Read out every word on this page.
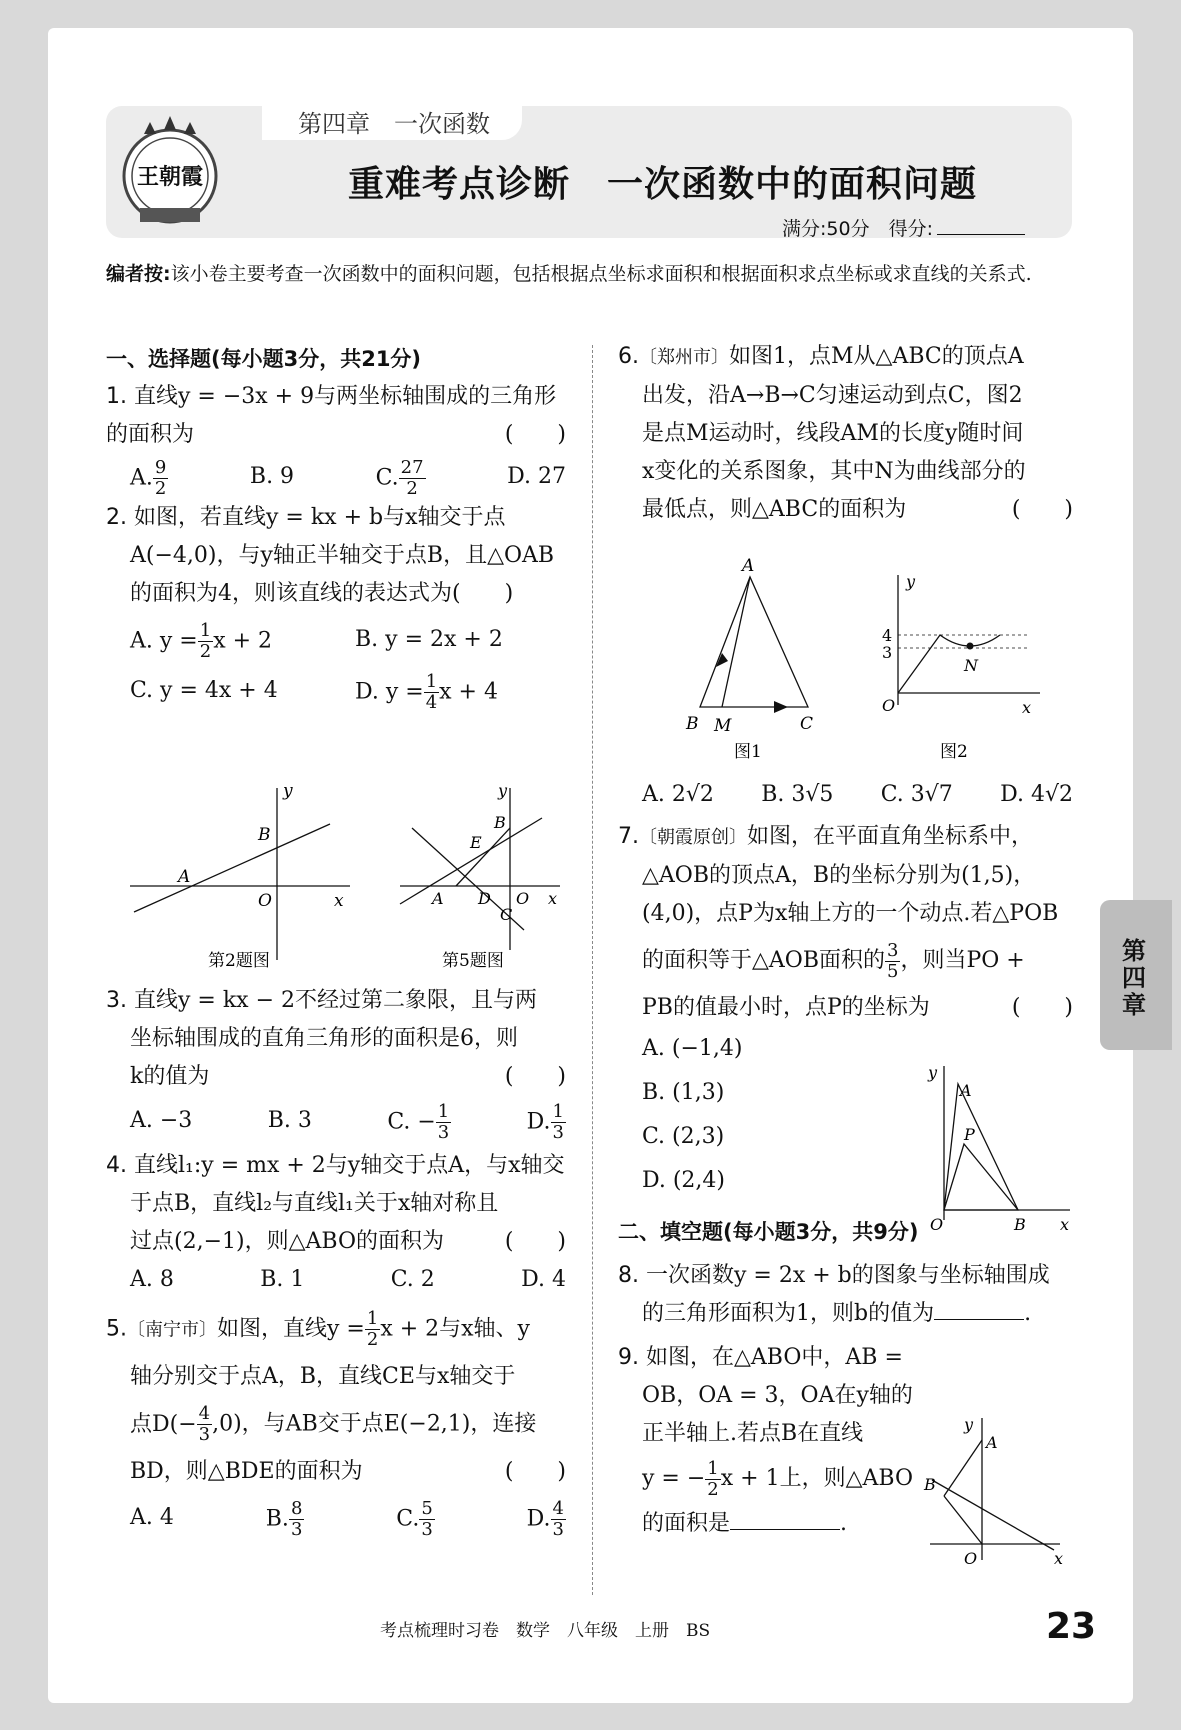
王朝霞
第四章　一次函数
重难考点诊断　一次函数中的面积问题
满分:50分　得分:
编者按:该小卷主要考查一次函数中的面积问题，包括根据点坐标求面积和根据面积求点坐标或求直线的关系式.
一、选择题(每小题3分，共21分)
1. 直线y = −3x + 9与两坐标轴围成的三角形的面积为	(　　)
A. $\frac{9}{2}$	B. 9	C. $\frac{27}{2}$	D. 27
2. 如图，若直线y = kx + b与x轴交于点
A(−4,0)，与y轴正半轴交于点B，且△OAB
的面积为4，则该直线的表达式为(　　)
A. $y = \frac{1}{2}$ x + 2	B. y = 2x + 2
C. y = 4x + 4	D. $y = \frac{1}{4}$ x + 4
y
x
O
A
B
第2题图
y
x
O
A
B
C
D
E
第5题图
3. 直线y = kx − 2不经过第二象限，且与两
坐标轴围成的直角三角形的面积是6，则
k的值为	(　　)
A. −3	B. 3	C. − $\frac{1}{3}$	D. $\frac{1}{3}$
4. 直线l₁:y = mx + 2与y轴交于点A，与x轴交
于点B，直线l₂与直线l₁关于x轴对称且
过点(2,−1)，则△ABO的面积为	(　　)
A. 8	B. 1	C. 2	D. 4
5.〔南宁市〕如图，直线$y = \frac{1}{2}$ x + 2与x轴、y
轴分别交于点A，B，直线CE与x轴交于
点$D(- \frac{4}{3} ,0)$，与AB交于点E(−2,1)，连接
BD，则△BDE的面积为	(　　)
A. 4	B. $\frac{8}{3}$	C. $\frac{5}{3}$	D. $\frac{4}{3}$
6.〔郑州市〕如图1，点M从△ABC的顶点A
出发，沿A→B→C匀速运动到点C，图2
是点M运动时，线段AM的长度y随时间
x变化的关系图象，其中N为曲线部分的
最低点，则△ABC的面积为	(　　)
A
B M	C
图1
y
x
O
4
3
N
图2
A. 2√2 B. 3√5 C. 3√7 D. 4√2
7.〔朝霞原创〕如图，在平面直角坐标系中，
△AOB的顶点A，B的坐标分别为(1,5)，
(4,0)，点P为x轴上方的一个动点.若△POB
的面积等于△AOB面积的 $\frac{3}{5}$ ，则当PO +
PB的值最小时，点P的坐标为	(　　)
A. (−1,4)
B. (1,3)
C. (2,3)
D. (2,4)
二、填空题(每小题3分，共9分)
8. 一次函数y = 2x + b的图象与坐标轴围成
的三角形面积为1，则b的值为	.
9. 如图，在△ABO中，AB =
OB，OA = 3，OA在y轴的
正半轴上.若点B在直线
y = − $\frac{1}{2}$ x + 1上，则△ABO
的面积是	.
y
x
O
A
P
B
y
x
O
A
B
第四章
考点梳理时习卷　数学　八年级　上册　BS	23
